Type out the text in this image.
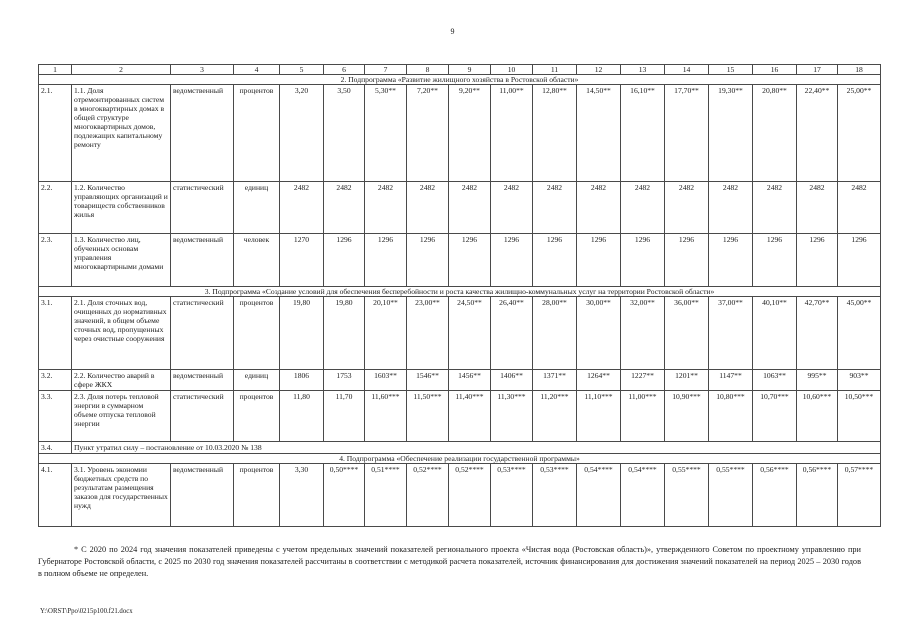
9
1	2	3	4	5	6	7	8	9	10	11	12	13	14	15	16	17	18
2. Подпрограмма «Развитие жилищного хозяйства в Ростовской области»																	
2.1.	1.1. Доля отремонтированных систем в многоквартирных домах в общей структуре многоквартирных домов, подлежащих капитальному ремонту	ведомственный	процентов	3,20	3,50	5,30**	7,20**	9,20**	11,00**	12,80**	14,50**	16,10**	17,70**	19,30**	20,80**	22,40**	25,00**
2.2.	1.2. Количество управляющих организаций и товариществ собственников жилья	статистический	единиц	2482	2482	2482	2482	2482	2482	2482	2482	2482	2482	2482	2482	2482	2482
2.3.	1.3. Количество лиц, обученных основам управления многоквартирными домами	ведомственный	человек	1270	1296	1296	1296	1296	1296	1296	1296	1296	1296	1296	1296	1296	1296
3. Подпрограмма «Создание условий для обеспечения бесперебойности и роста качества жилищно-коммунальных услуг на территории Ростовской области»																	
3.1.	2.1. Доля сточных вод, очищенных до нормативных значений, в общем объеме сточных вод, пропущенных через очистные сооружения	статистический	процентов	19,80	19,80	20,10**	23,00**	24,50**	26,40**	28,00**	30,00**	32,00**	36,00**	37,00**	40,10**	42,70**	45,00**
3.2.	2.2. Количество аварий в сфере ЖКХ	ведомственный	единиц	1806	1753	1603**	1546**	1456**	1406**	1371**	1264**	1227**	1201**	1147**	1063**	995**	903**
3.3.	2.3. Доля потерь тепловой энергии в суммарном объеме отпуска тепловой энергии	статистический	процентов	11,80	11,70	11,60***	11,50***	11,40***	11,30***	11,20***	11,10***	11,00***	10,90***	10,80***	10,70***	10,60***	10,50***
3.4.	Пункт утратил силу – постановление от 10.03.2020 № 138																
4. Подпрограмма «Обеспечение реализации государственной программы»																	
4.1.	3.1. Уровень экономии бюджетных средств по результатам размещения заказов для государственных нужд	ведомственный	процентов	3,30	0,50****	0,51****	0,52****	0,52****	0,53****	0,53****	0,54****	0,54****	0,55****	0,55****	0,56****	0,56****	0,57****
* С 2020 по 2024 год значения показателей приведены с учетом предельных значений показателей регионального проекта «Чистая вода (Ростовская область)», утвержденного Советом по проектному управлению при Губернаторе Ростовской области, с 2025 по 2030 год значения показателей рассчитаны в соответствии с методикой расчета показателей, источник финансирования для достижения значений показателей на период 2025 – 2030 годов в полном объеме не определен.
Y:\ORST\Ppo\0215p100.f21.docx
